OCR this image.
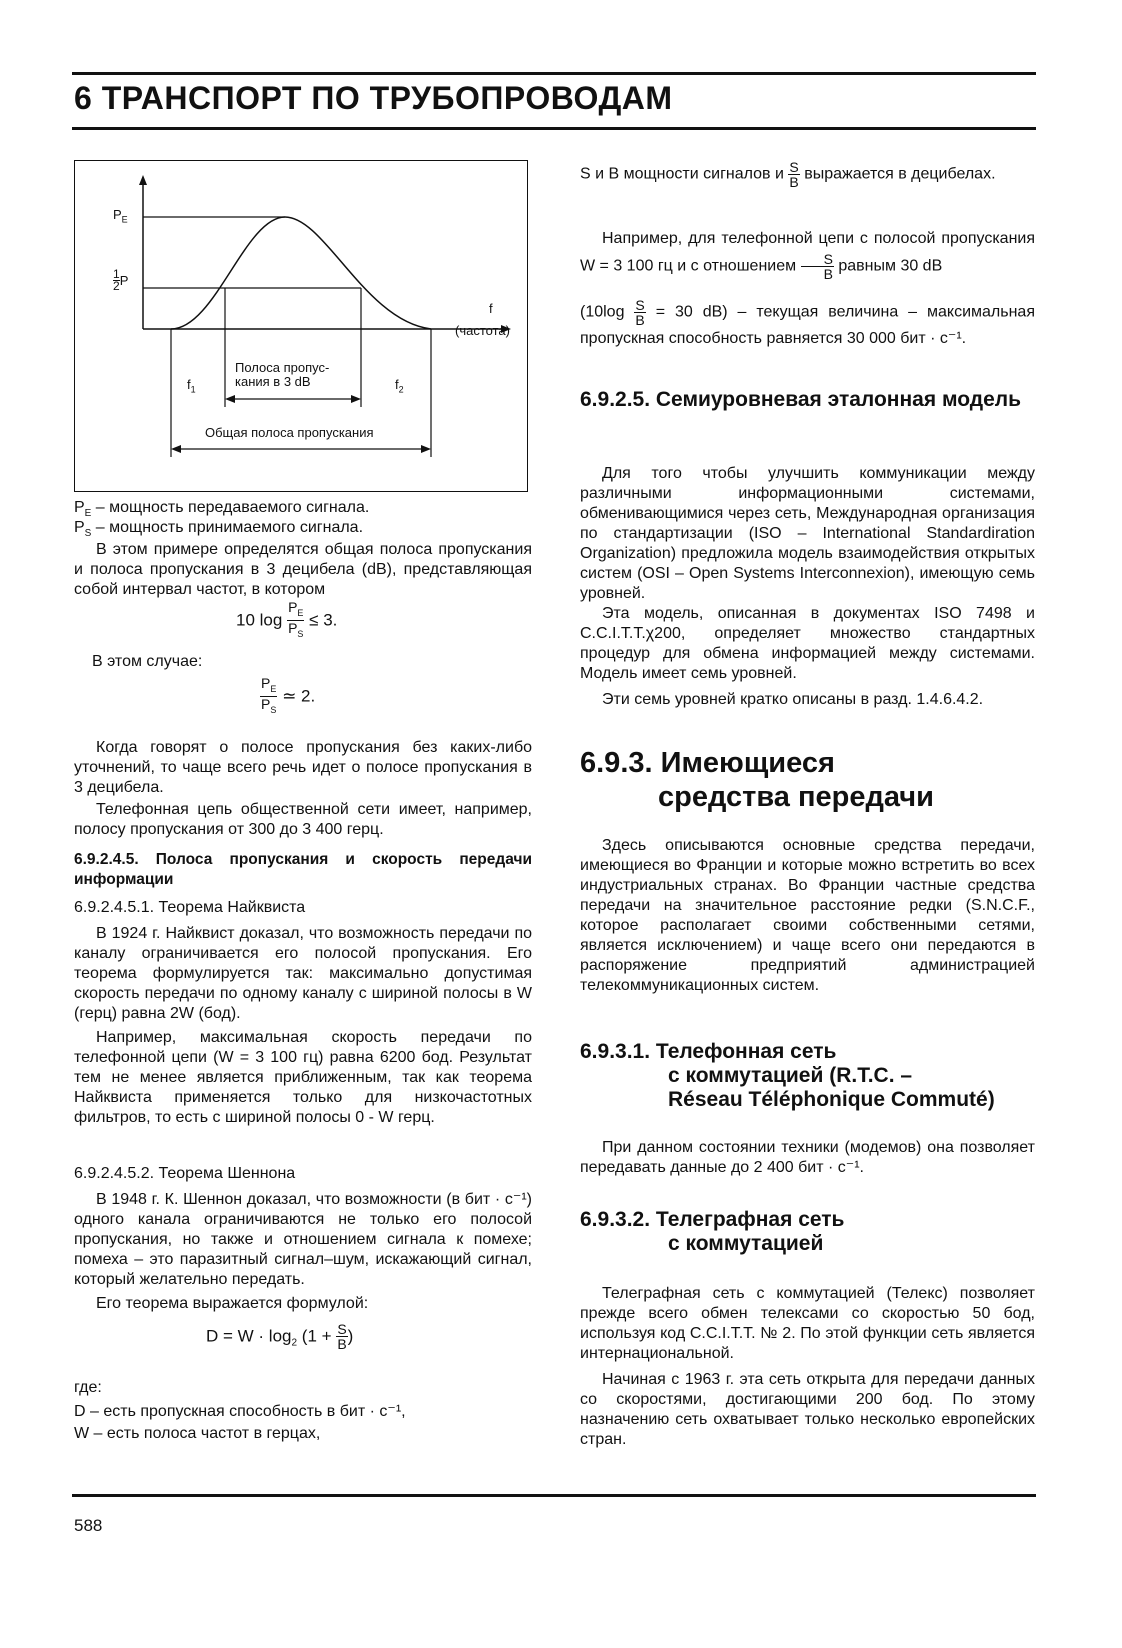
6 ТРАНСПОРТ ПО ТРУБОПРОВОДАМ
$P_E$
$\frac{1}{2}$ P
f
(частота)
Полоса пропус-
кания в 3 dB
$f_1$	$f_2$
Общая полоса пропускания

$P_E$ – мощность передаваемого сигнала.

$P_S$ – мощность принимаемого сигнала.

В этом примере определятся общая полоса пропускания и полоса пропускания в 3 децибела (dB), представляющая собой интервал частот, в котором

10 $\log \frac{P_E}{P_S} \le 3$.

В этом случае:

$\frac{P_E}{P_S}$ ≃ 2.

Когда говорят о полосе пропускания без каких-либо уточнений, то чаще всего речь идет о полосе пропускания в 3 децибела.

Телефонная цепь общественной сети имеет, например, полосу пропускания от 300 до 3 400 герц.

6.9.2.4.5. Полоса пропускания и скорость передачи информации

6.9.2.4.5.1. Теорема Найквиста

В 1924 г. Найквист доказал, что возможность передачи по каналу ограничивается его полосой пропускания. Его теорема формулируется так: максимально допустимая скорость передачи по одному каналу с шириной полосы в W (герц) равна 2W (бод).

Например, максимальная скорость передачи по телефонной цепи (W = 3 100 гц) равна 6200 бод. Результат тем не менее является приближенным, так как теорема Найквиста применяется только для низкочастотных фильтров, то есть с шириной полосы 0 - W герц.

6.9.2.4.5.2. Теорема Шеннона

В 1948 г. К. Шеннон доказал, что возможности (в бит · с⁻¹) одного канала ограничиваются не только его полосой пропускания, но также и отношением сигнала к помехе; помеха – это паразитный сигнал–шум, искажающий сигнал, который желательно передать.

Его теорема выражается формулой:

$D = W \cdot \log_2 (1 + \frac{S}{B}$ )

где:

D – есть пропускная способность в бит · с⁻¹,

W – есть полоса частот в герцах,

S и B мощности сигналов и $\frac{S}{B}$ выражается в децибелах.
Например, для телефонной цепи с полосой пропускания W = 3 100 гц и с отношением $\frac{S}{B}$ равным 30 dB
($10\log \frac{S}{B} = 30$ dB) – текущая величина – максимальная пропускная способность равняется 30 000 бит · с⁻¹.
6.9.2.5. Семиуровневая эталонная модель

Для того чтобы улучшить коммуникации между различными информационными системами, обменивающимися через сеть, Международная организация по стандартизации (ISO – International Standardiration Organization) предложила модель взаимодействия открытых систем (OSI – Open Systems Interconnexion), имеющую семь уровней.

Эта модель, описанная в документах ISO 7498 и C.C.I.T.T.χ200, определяет множество стандартных процедур для обмена информацией между системами. Модель имеет семь уровней.

Эти семь уровней кратко описаны в разд. 1.4.6.4.2.

6.9.3. Имеющиеся
средства передачи

Здесь описываются основные средства передачи, имеющиеся во Франции и которые можно встретить во всех индустриальных странах. Во Франции частные средства передачи на значительное расстояние редки (S.N.C.F., которое располагает своими собственными сетями, является исключением) и чаще всего они передаются в распоряжение предприятий администрацией телекоммуникационных систем.

6.9.3.1. Телефонная сеть
с коммутацией (R.T.C. –
Réseau Téléphonique Commuté)

При данном состоянии техники (модемов) она позволяет передавать данные до 2 400 бит · с⁻¹.

6.9.3.2. Телеграфная сеть
с коммутацией

Телеграфная сеть с коммутацией (Телекс) позволяет прежде всего обмен телексами со скоростью 50 бод, используя код C.C.I.T.T. № 2. По этой функции сеть является интернациональной.

Начиная с 1963 г. эта сеть открыта для передачи данных со скоростями, достигающими 200 бод. По этому назначению сеть охватывает только несколько европейских стран.

588
